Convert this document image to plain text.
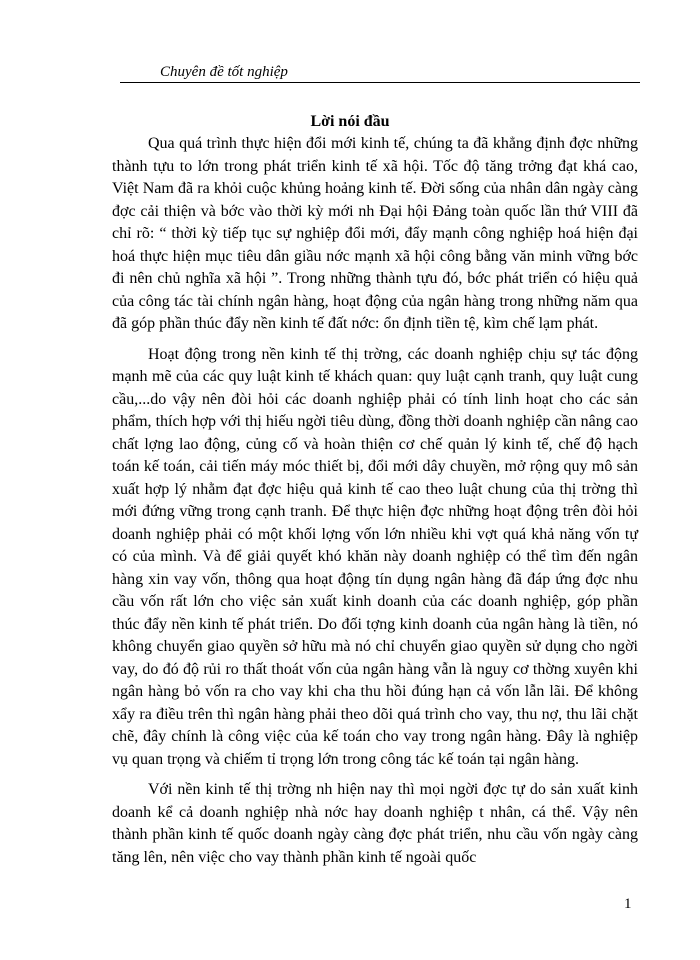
Chuyên đề tốt nghiệp
Lời nói đầu

Qua quá trình thực hiện đổi mới kinh tế, chúng ta đã khẳng định đợc những thành tựu to lớn trong phát triển kinh tế xã hội. Tốc độ tăng trởng đạt khá cao, Việt Nam đã ra khỏi cuộc khủng hoảng kinh tế. Đời sống của nhân dân ngày càng đợc cải thiện và bớc vào thời kỳ mới nh Đại hội Đảng toàn quốc lần thứ VIII đã chỉ rõ: “ thời kỳ tiếp tục sự nghiệp đổi mới, đẩy mạnh công nghiệp hoá hiện đại hoá thực hiện mục tiêu dân giầu nớc mạnh xã hội công bằng văn minh vững bớc đi nên chủ nghĩa xã hội ”. Trong những thành tựu đó, bớc phát triển có hiệu quả của công tác tài chính ngân hàng, hoạt động của ngân hàng trong những năm qua đã góp phần thúc đẩy nền kinh tế đất nớc: ổn định tiền tệ, kìm chế lạm phát.

Hoạt động trong nền kinh tế thị trờng, các doanh nghiệp chịu sự tác động mạnh mẽ của các quy luật kinh tế khách quan: quy luật cạnh tranh, quy luật cung cầu,...do vậy nên đòi hỏi các doanh nghiệp phải có tính linh hoạt cho các sản phẩm, thích hợp với thị hiếu ngời tiêu dùng, đồng thời doanh nghiệp cần nâng cao chất lợng lao động, củng cố và hoàn thiện cơ chế quản lý kinh tế, chế độ hạch toán kế toán, cải tiến máy móc thiết bị, đổi mới dây chuyền, mở rộng quy mô sản xuất hợp lý nhằm đạt đợc hiệu quả kinh tế cao theo luật chung của thị trờng thì mới đứng vững trong cạnh tranh. Để thực hiện đợc những hoạt động trên đòi hỏi doanh nghiệp phải có một khối lợng vốn lớn nhiều khi vợt quá khả năng vốn tự có của mình. Và để giải quyết khó khăn này doanh nghiệp có thể tìm đến ngân hàng xin vay vốn, thông qua hoạt động tín dụng ngân hàng đã đáp ứng đợc nhu cầu vốn rất lớn cho việc sản xuất kinh doanh của các doanh nghiệp, góp phần thúc đẩy nền kinh tế phát triển. Do đối tợng kinh doanh của ngân hàng là tiền, nó không chuyển giao quyền sở hữu mà nó chỉ chuyển giao quyền sử dụng cho ngời vay, do đó độ rủi ro thất thoát vốn của ngân hàng vẫn là nguy cơ thờng xuyên khi ngân hàng bỏ vốn ra cho vay khi cha thu hồi đúng hạn cả vốn lẫn lãi. Để không xẩy ra điều trên thì ngân hàng phải theo dõi quá trình cho vay, thu nợ, thu lãi chặt chẽ, đây chính là công việc của kế toán cho vay trong ngân hàng. Đây là nghiệp vụ quan trọng và chiếm tỉ trọng lớn trong công tác kế toán tại ngân hàng.

Với nền kinh tế thị trờng nh hiện nay thì mọi ngời đợc tự do sản xuất kinh doanh kể cả doanh nghiệp nhà nớc hay doanh nghiệp t nhân, cá thể. Vậy nên thành phần kinh tế quốc doanh ngày càng đợc phát triển, nhu cầu vốn ngày càng tăng lên, nên việc cho vay thành phần kinh tế ngoài quốc

1
